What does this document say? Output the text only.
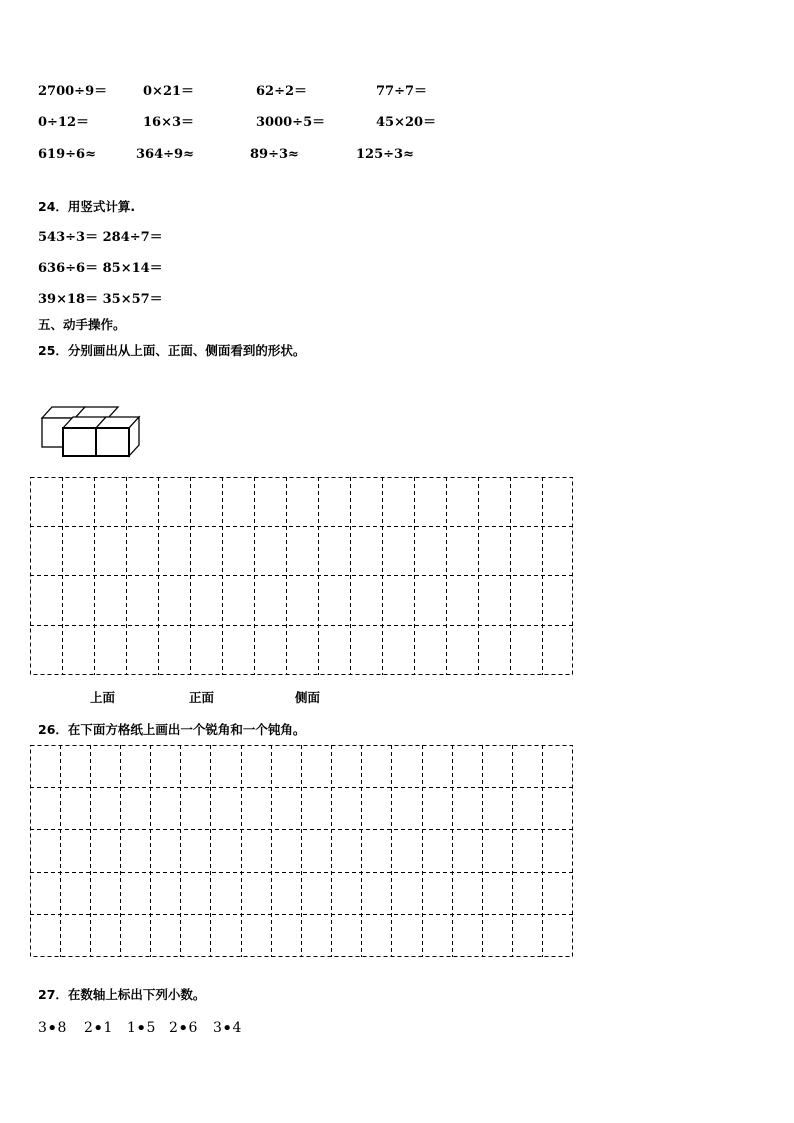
2700÷9＝	0×21＝	62÷2＝	77÷7＝
0÷12＝	16×3＝	3000÷5＝	45×20＝
619÷6≈	364÷9≈	89÷3≈	125÷3≈
24．用竖式计算.
543÷3＝ 284÷7＝
636÷6＝ 85×14＝
39×18＝ 35×57＝
五、动手操作。
25．分别画出从上面、正面、侧面看到的形状。
上面	正面	侧面
26．在下面方格纸上画出一个锐角和一个钝角。
27．在数轴上标出下列小数。
3•8 2•1 1•5 2•6 3•4
